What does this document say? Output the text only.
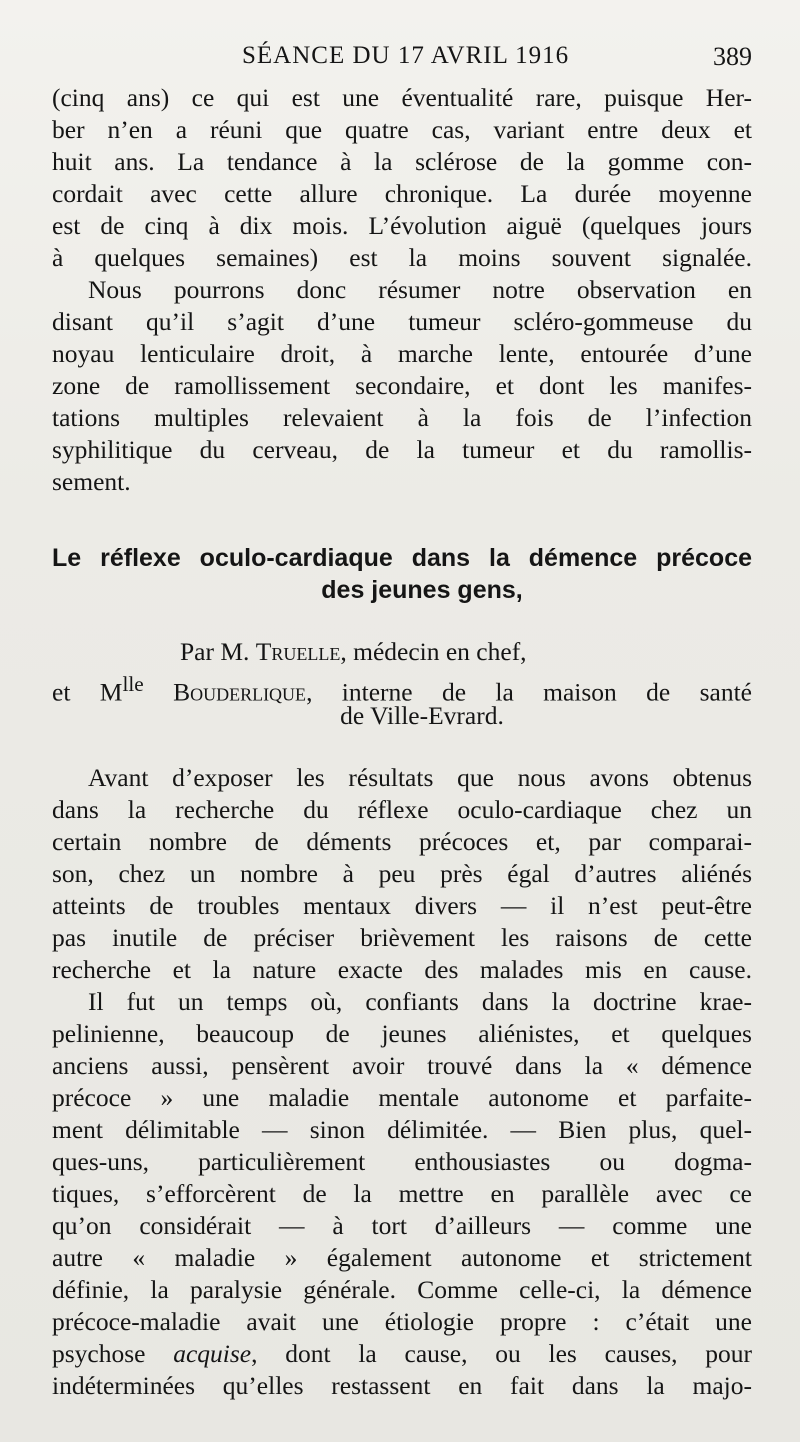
SÉANCE DU 17 AVRIL 1916	389
(cinq ans) ce qui est une éventualité rare, puisque Her-
ber n’en a réuni que quatre cas, variant entre deux et
huit ans. La tendance à la sclérose de la gomme con-
cordait avec cette allure chronique. La durée moyenne
est de cinq à dix mois. L’évolution aiguë (quelques jours
à quelques semaines) est la moins souvent signalée.
Nous pourrons donc résumer notre observation en
disant qu’il s’agit d’une tumeur scléro-gommeuse du
noyau lenticulaire droit, à marche lente, entourée d’une
zone de ramollissement secondaire, et dont les manifes-
tations multiples relevaient à la fois de l’infection
syphilitique du cerveau, de la tumeur et du ramollis-
sement.
Le réflexe oculo-cardiaque dans la démence précoce
des jeunes gens,
Par M. Truelle, médecin en chef,
et $M^{lle}$ Bouderlique, interne de la maison de santé
de Ville-Evrard.
Avant d’exposer les résultats que nous avons obtenus
dans la recherche du réflexe oculo-cardiaque chez un
certain nombre de déments précoces et, par comparai-
son, chez un nombre à peu près égal d’autres aliénés
atteints de troubles mentaux divers — il n’est peut-être
pas inutile de préciser brièvement les raisons de cette
recherche et la nature exacte des malades mis en cause.
Il fut un temps où, confiants dans la doctrine krae-
pelinienne, beaucoup de jeunes aliénistes, et quelques
anciens aussi, pensèrent avoir trouvé dans la « démence
précoce » une maladie mentale autonome et parfaite-
ment délimitable — sinon délimitée. — Bien plus, quel-
ques-uns, particulièrement enthousiastes ou dogma-
tiques, s’efforcèrent de la mettre en parallèle avec ce
qu’on considérait — à tort d’ailleurs — comme une
autre « maladie » également autonome et strictement
définie, la paralysie générale. Comme celle-ci, la démence
précoce-maladie avait une étiologie propre : c’était une
psychose acquise, dont la cause, ou les causes, pour
indéterminées qu’elles restassent en fait dans la majo-
